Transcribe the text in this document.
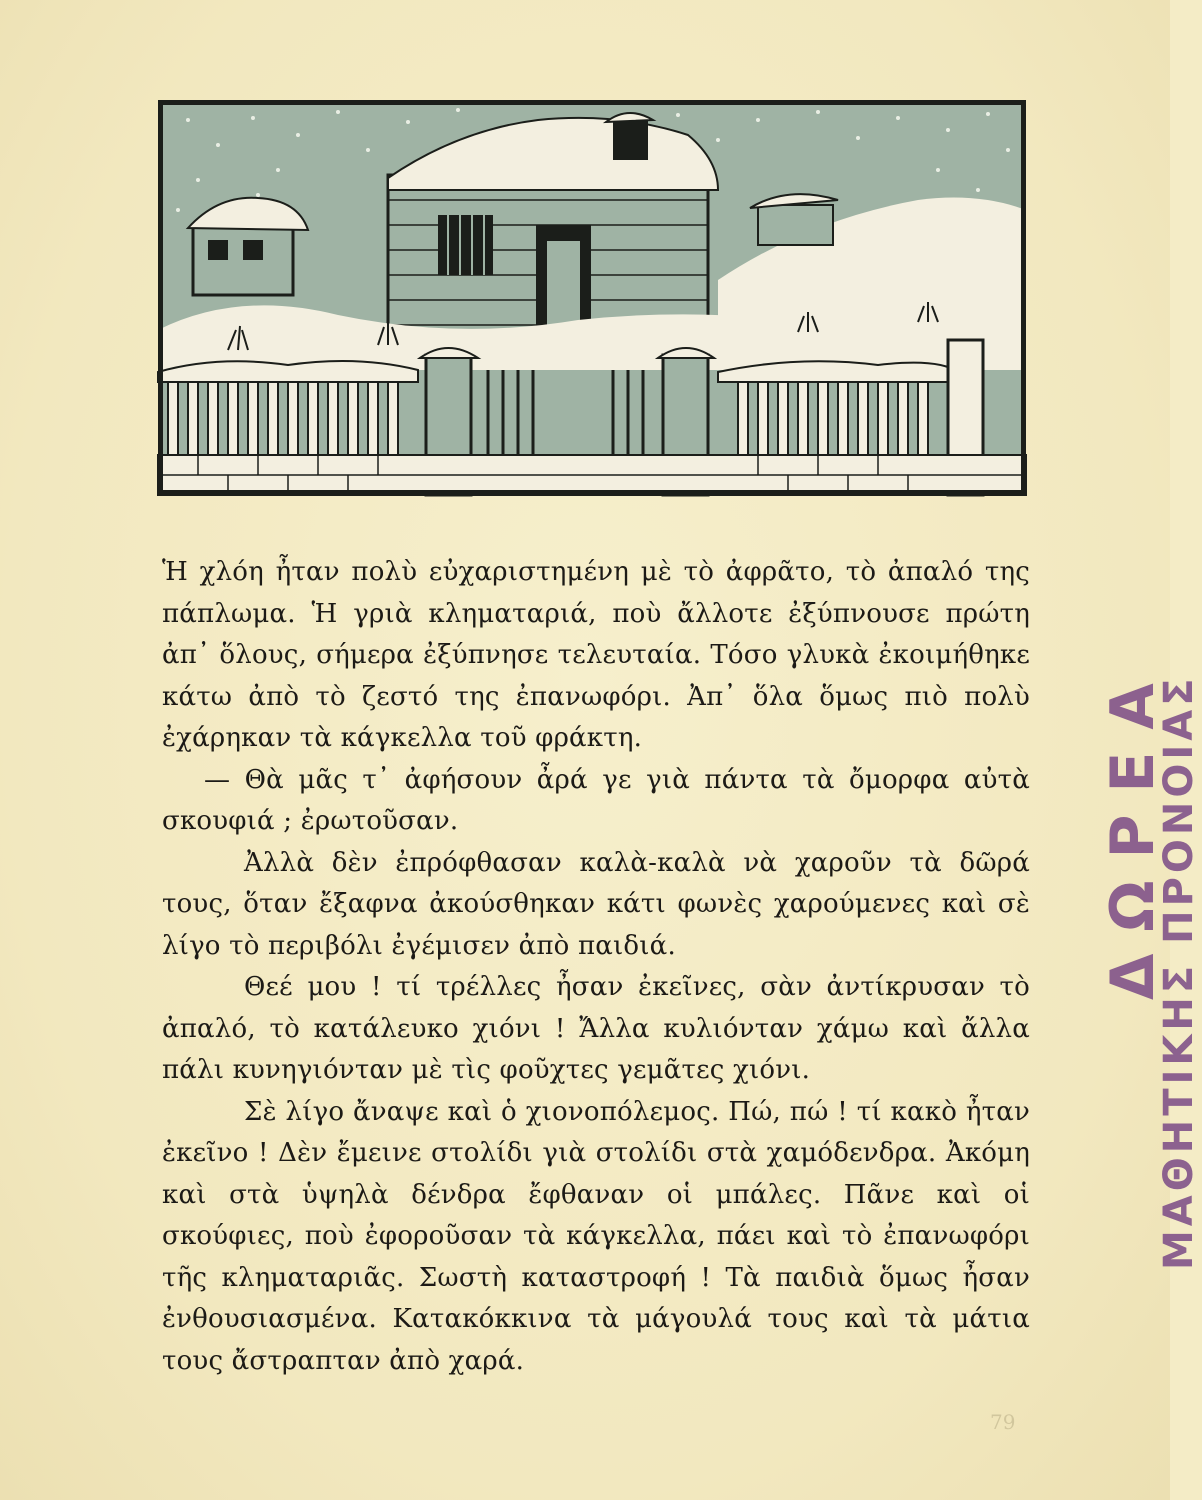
Ἡ χλόη ἦταν πολὺ εὐχαριστημένη μὲ τὸ ἀφρᾶτο, τὸ ἀπαλό της πάπλωμα. Ἡ γριὰ κληματαριά, ποὺ ἄλλοτε ἐξύπνουσε πρώτη ἀπ᾽ ὅλους, σήμερα ἐξύπνησε τελευταία. Τόσο γλυκὰ ἐκοιμήθηκε κάτω ἀπὸ τὸ ζεστό της ἐπανωφόρι. Ἀπ᾽ ὅλα ὅμως πιὸ πολὺ ἐχάρηκαν τὰ κάγκελλα τοῦ φράκτη.

— Θὰ μᾶς τ᾽ ἀφήσουν ἆρά γε γιὰ πάντα τὰ ὄμορφα αὐτὰ σκουφιά ; ἐρωτοῦσαν.

Ἀλλὰ δὲν ἐπρόφθασαν καλὰ-καλὰ νὰ χαροῦν τὰ δῶρά τους, ὅταν ἔξαφνα ἀκούσθηκαν κάτι φωνὲς χαρούμενες καὶ σὲ λίγο τὸ περιβόλι ἐγέμισεν ἀπὸ παιδιά.

Θεέ μου ! τί τρέλλες ἦσαν ἐκεῖνες, σὰν ἀντίκρυσαν τὸ ἀπαλό, τὸ κατάλευκο χιόνι ! Ἄλλα κυλιόνταν χάμω καὶ ἄλλα πάλι κυνηγιόνταν μὲ τὶς φοῦχτες γεμᾶτες χιόνι.

Σὲ λίγο ἄναψε καὶ ὁ χιονοπόλεμος. Πώ, πώ ! τί κακὸ ἦταν ἐκεῖνο ! Δὲν ἔμεινε στολίδι γιὰ στολίδι στὰ χαμόδενδρα. Ἀκόμη καὶ στὰ ὑψηλὰ δένδρα ἔφθαναν οἱ μπάλες. Πᾶνε καὶ οἱ σκούφιες, ποὺ ἐφοροῦσαν τὰ κάγκελλα, πάει καὶ τὸ ἐπανωφόρι τῆς κληματαριᾶς. Σωστὴ καταστροφή ! Τὰ παιδιὰ ὅμως ἦσαν ἐνθουσιασμένα. Κατακόκκινα τὰ μάγουλά τους καὶ τὰ μάτια τους ἄστραπταν ἀπὸ χαρά.

ΔΩΡΕΑ
ΜΑΘΗΤΙΚΗΣ ΠΡΟΝΟΙΑΣ
79
